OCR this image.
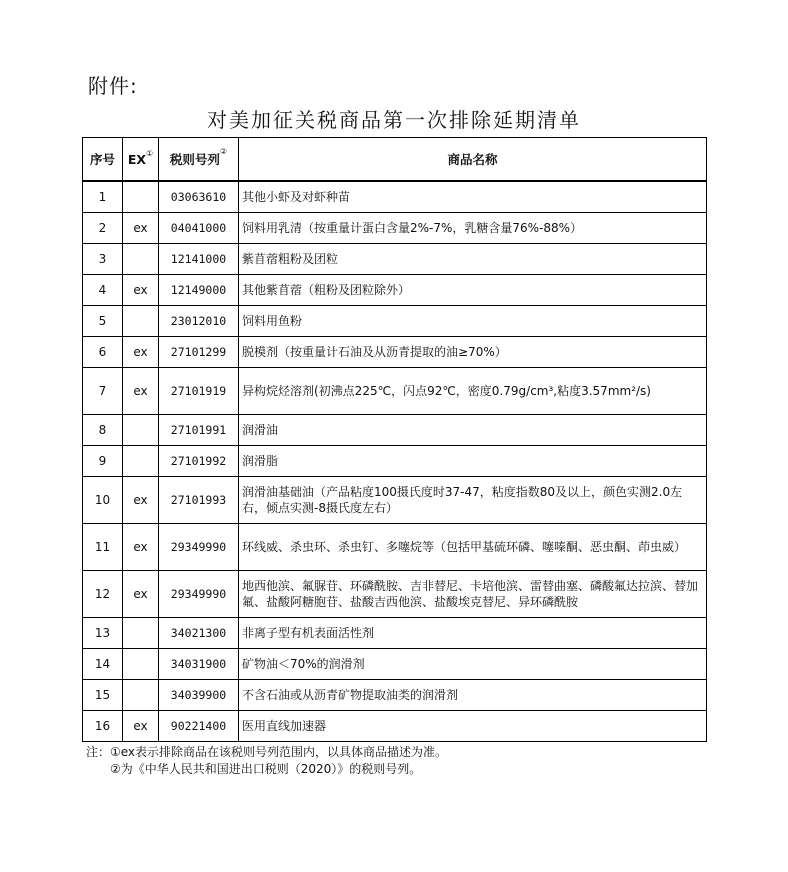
附件:
对美加征关税商品第一次排除延期清单
序号	EX①	税则号列②	商品名称
1		03063610	其他小虾及对虾种苗
2	ex	04041000	饲料用乳清（按重量计蛋白含量2%-7%，乳糖含量76%-88%）
3		12141000	紫苜蓿粗粉及团粒
4	ex	12149000	其他紫苜蓿（粗粉及团粒除外）
5		23012010	饲料用鱼粉
6	ex	27101299	脱模剂（按重量计石油及从沥青提取的油≥70%）
7	ex	27101919	异构烷烃溶剂(初沸点225℃，闪点92℃，密度0.79g/cm³,粘度3.57mm²/s)
8		27101991	润滑油
9		27101992	润滑脂
10	ex	27101993	润滑油基础油（产品粘度100摄氏度时37-47，粘度指数80及以上，颜色实测2.0左右，倾点实测-8摄氏度左右）
11	ex	29349990	环线威、杀虫环、杀虫钉、多噻烷等（包括甲基硫环磷、噻嗪酮、恶虫酮、茚虫威）
12	ex	29349990	地西他滨、氟脲苷、环磷酰胺、吉非替尼、卡培他滨、雷替曲塞、磷酸氟达拉滨、替加氟、盐酸阿糖胞苷、盐酸吉西他滨、盐酸埃克替尼、异环磷酰胺
13		34021300	非离子型有机表面活性剂
14		34031900	矿物油＜70%的润滑剂
15		34039900	不含石油或从沥青矿物提取油类的润滑剂
16	ex	90221400	医用直线加速器
注：①ex表示排除商品在该税则号列范围内，以具体商品描述为准。
②为《中华人民共和国进出口税则（2020）》的税则号列。
